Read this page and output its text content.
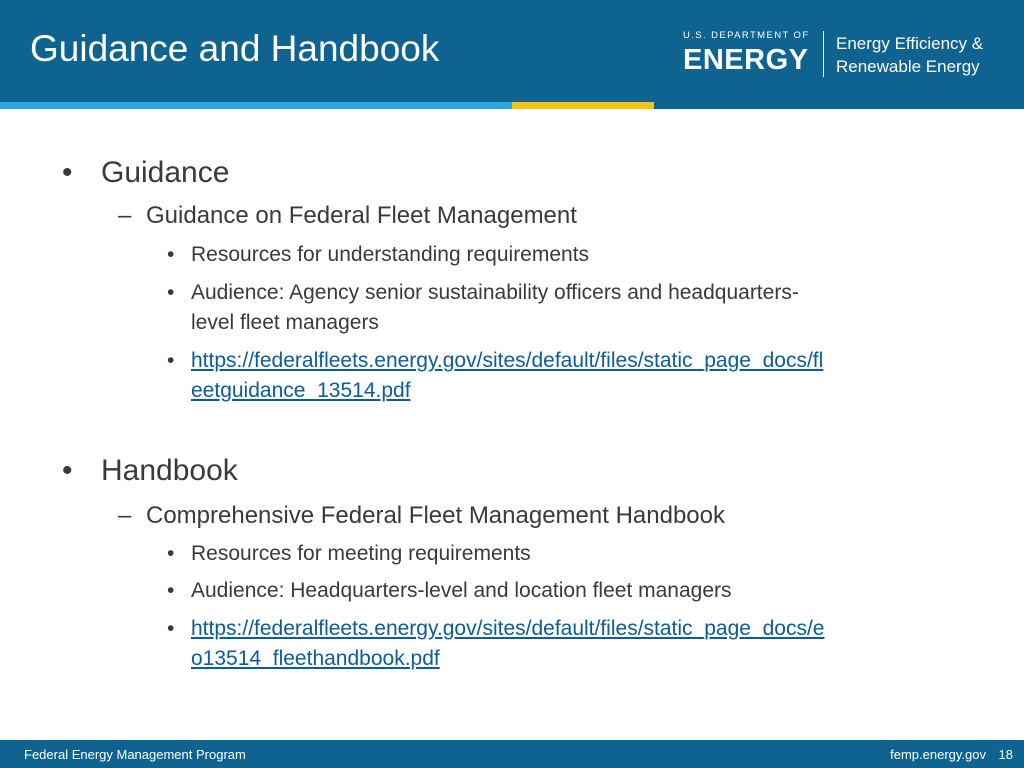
Guidance and Handbook	U.S. DEPARTMENT OF
ENERGY
Energy Efficiency &
Renewable Energy
• Guidance
– Guidance on Federal Fleet Management
• Resources for understanding requirements
• Audience: Agency senior sustainability officers and headquarters-
level fleet managers
• https://federalfleets.energy.gov/sites/default/files/static_page_docs/fl
eetguidance_13514.pdf
• Handbook
– Comprehensive Federal Fleet Management Handbook
• Resources for meeting requirements
• Audience: Headquarters-level and location fleet managers
• https://federalfleets.energy.gov/sites/default/files/static_page_docs/e
o13514_fleethandbook.pdf
Federal Energy Management Program	femp.energy.gov 18
